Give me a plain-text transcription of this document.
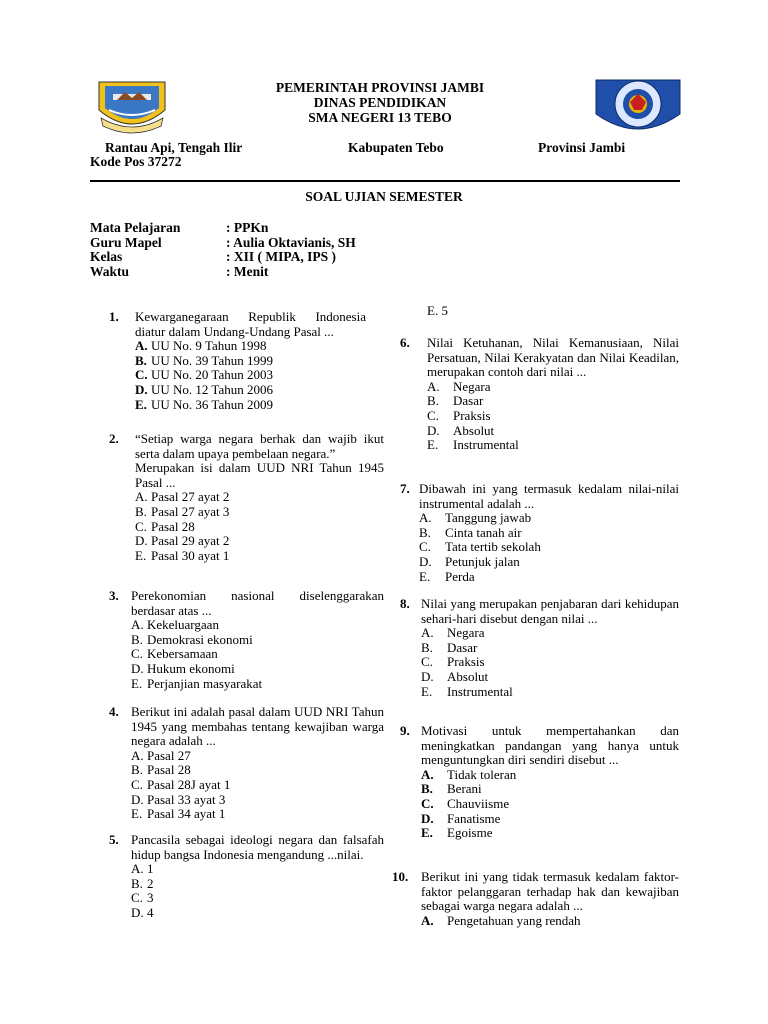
PEMERINTAH PROVINSI JAMBI
DINAS PENDIDIKAN
SMA NEGERI 13 TEBO
Rantau Api, Tengah Ilir	Kabupaten Tebo	Provinsi Jambi
Kode Pos 37272
SOAL UJIAN SEMESTER
Mata Pelajaran	: PPKn
Guru Mapel	: Aulia Oktavianis, SH
Kelas	: XII ( MIPA, IPS )
Waktu	: Menit
1. Kewarganegaraan Republik Indonesia diatur dalam Undang-Undang Pasal ...
A. UU No. 9 Tahun 1998
B. UU No. 39 Tahun 1999
C. UU No. 20 Tahun 2003
D. UU No. 12 Tahun 2006
E. UU No. 36 Tahun 2009
2. “Setiap warga negara berhak dan wajib ikut serta dalam upaya pembelaan negara.”
Merupakan isi dalam UUD NRI Tahun 1945 Pasal ...
A. Pasal 27 ayat 2
B. Pasal 27 ayat 3
C. Pasal 28
D. Pasal 29 ayat 2
E. Pasal 30 ayat 1
3. Perekonomian nasional diselenggarakan berdasar atas ...
A. Kekeluargaan
B. Demokrasi ekonomi
C. Kebersamaan
D. Hukum ekonomi
E. Perjanjian masyarakat
4. Berikut ini adalah pasal dalam UUD NRI Tahun 1945 yang membahas tentang kewajiban warga negara adalah ...
A. Pasal 27
B. Pasal 28
C. Pasal 28J ayat 1
D. Pasal 33 ayat 3
E. Pasal 34 ayat 1
5. Pancasila sebagai ideologi negara dan falsafah hidup bangsa Indonesia mengandung ...nilai.
A. 1
B. 2
C. 3
D. 4
E. 5
6. Nilai Ketuhanan, Nilai Kemanusiaan, Nilai Persatuan, Nilai Kerakyatan dan Nilai Keadilan, merupakan contoh dari nilai ...
A. Negara
B. Dasar
C. Praksis
D. Absolut
E. Instrumental
7. Dibawah ini yang termasuk kedalam nilai-nilai instrumental adalah ...
A. Tanggung jawab
B. Cinta tanah air
C. Tata tertib sekolah
D. Petunjuk jalan
E. Perda
8. Nilai yang merupakan penjabaran dari kehidupan sehari-hari disebut dengan nilai ...
A. Negara
B. Dasar
C. Praksis
D. Absolut
E. Instrumental
9. Motivasi untuk mempertahankan dan meningkatkan pandangan yang hanya untuk menguntungkan diri sendiri disebut ...
A. Tidak toleran
B. Berani
C. Chauviisme
D. Fanatisme
E. Egoisme
10. Berikut ini yang tidak termasuk kedalam faktor-faktor pelanggaran terhadap hak dan kewajiban sebagai warga negara adalah ...
A. Pengetahuan yang rendah
